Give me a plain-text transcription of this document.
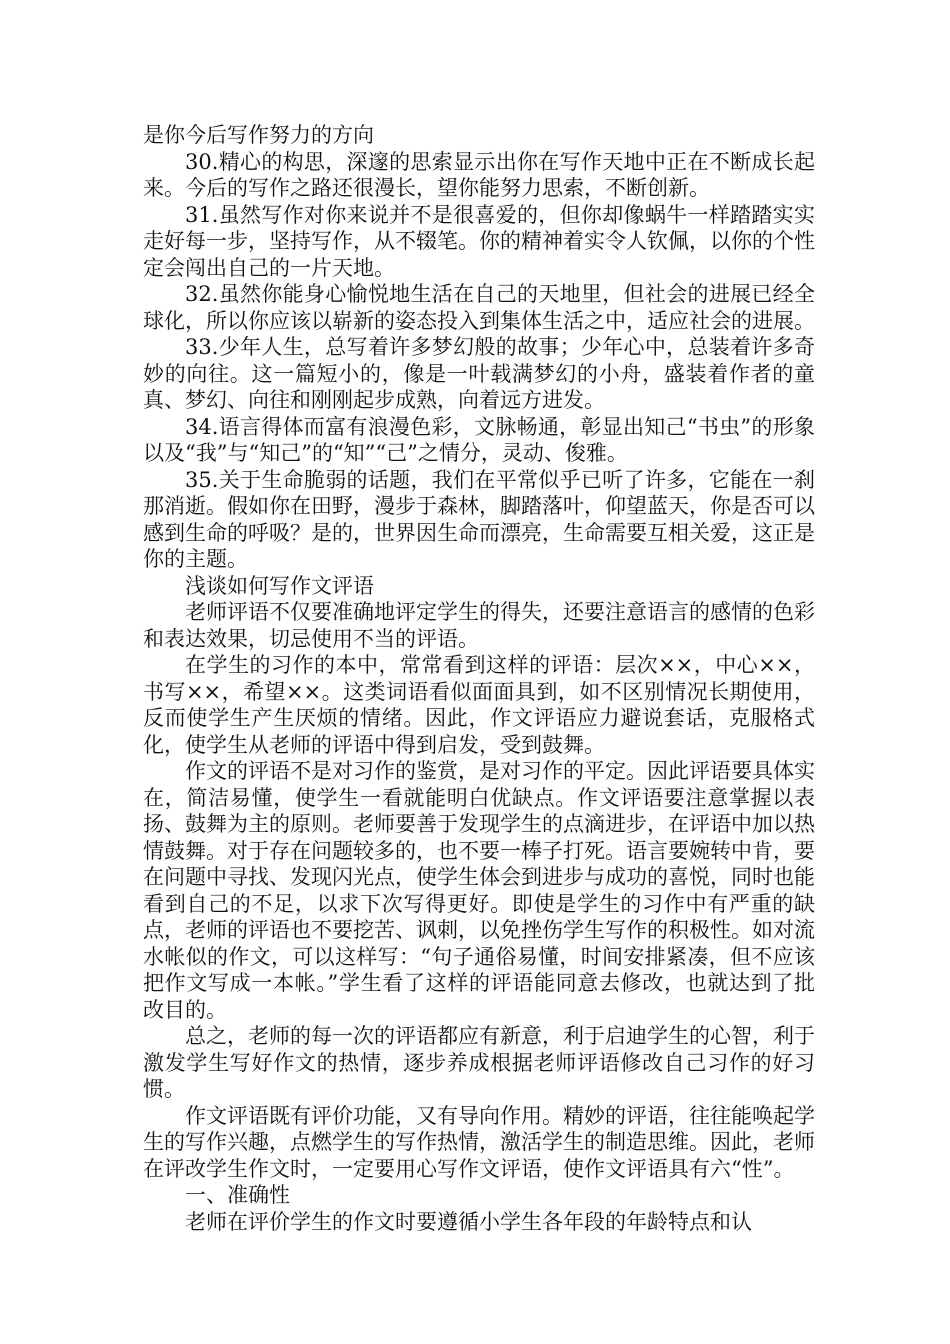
是你今后写作努力的方向

30.精心的构思，深邃的思索显示出你在写作天地中正在不断成长起来。今后的写作之路还很漫长，望你能努力思索，不断创新。

31.虽然写作对你来说并不是很喜爱的，但你却像蜗牛一样踏踏实实走好每一步，坚持写作，从不辍笔。你的精神着实令人钦佩，以你的个性定会闯出自己的一片天地。

32.虽然你能身心愉悦地生活在自己的天地里，但社会的进展已经全球化，所以你应该以崭新的姿态投入到集体生活之中，适应社会的进展。

33.少年人生，总写着许多梦幻般的故事；少年心中，总装着许多奇妙的向往。这一篇短小的，像是一叶载满梦幻的小舟，盛装着作者的童真、梦幻、向往和刚刚起步成熟，向着远方进发。

34.语言得体而富有浪漫色彩，文脉畅通，彰显出知己“书虫”的形象以及“我”与“知己”的“知”“己”之情分，灵动、俊雅。

35.关于生命脆弱的话题，我们在平常似乎已听了许多，它能在一刹那消逝。假如你在田野，漫步于森林，脚踏落叶，仰望蓝天，你是否可以感到生命的呼吸？是的，世界因生命而漂亮，生命需要互相关爱，这正是你的主题。

浅谈如何写作文评语

老师评语不仅要准确地评定学生的得失，还要注意语言的感情的色彩和表达效果，切忌使用不当的评语。

在学生的习作的本中，常常看到这样的评语：层次××，中心××，书写××，希望××。这类词语看似面面具到，如不区别情况长期使用，反而使学生产生厌烦的情绪。因此，作文评语应力避说套话，克服格式化，使学生从老师的评语中得到启发，受到鼓舞。

作文的评语不是对习作的鉴赏，是对习作的平定。因此评语要具体实在，简洁易懂，使学生一看就能明白优缺点。作文评语要注意掌握以表扬、鼓舞为主的原则。老师要善于发现学生的点滴进步，在评语中加以热情鼓舞。对于存在问题较多的，也不要一棒子打死。语言要婉转中肯，要在问题中寻找、发现闪光点，使学生体会到进步与成功的喜悦，同时也能看到自己的不足，以求下次写得更好。即使是学生的习作中有严重的缺点，老师的评语也不要挖苦、讽刺，以免挫伤学生写作的积极性。如对流水帐似的作文，可以这样写：“句子通俗易懂，时间安排紧凑，但不应该把作文写成一本帐。”学生看了这样的评语能同意去修改，也就达到了批改目的。

总之，老师的每一次的评语都应有新意，利于启迪学生的心智，利于激发学生写好作文的热情，逐步养成根据老师评语修改自己习作的好习惯。

作文评语既有评价功能，又有导向作用。精妙的评语，往往能唤起学生的写作兴趣，点燃学生的写作热情，激活学生的制造思维。因此，老师在评改学生作文时，一定要用心写作文评语，使作文评语具有六“性”。

一、准确性

老师在评价学生的作文时要遵循小学生各年段的年龄特点和认
